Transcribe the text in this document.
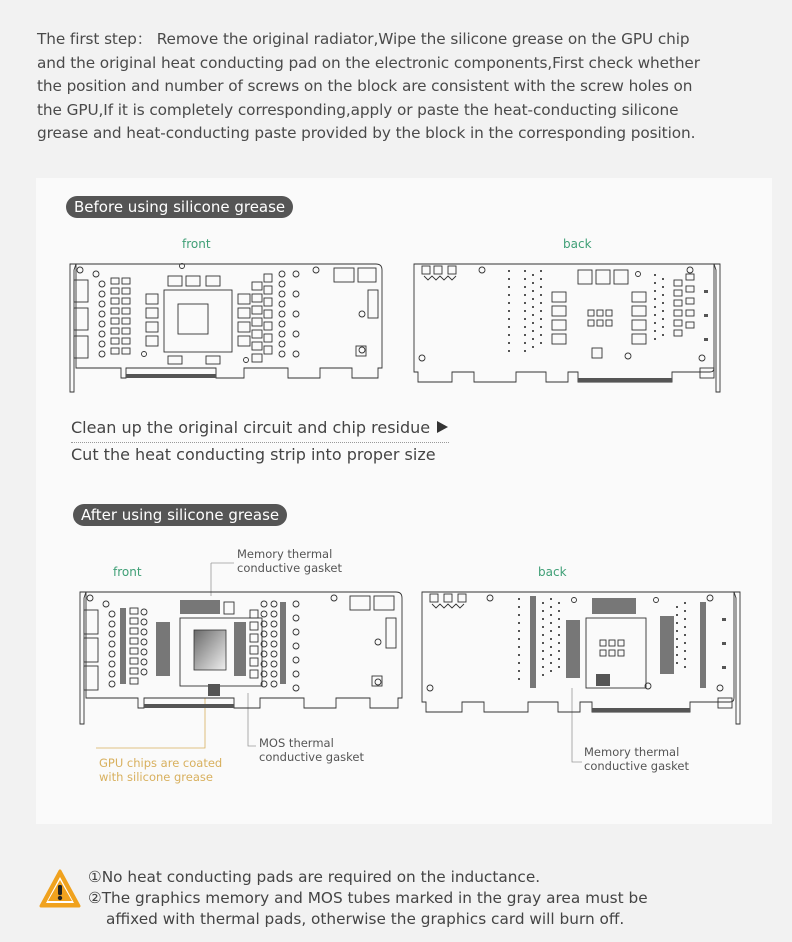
The first step： Remove the original radiator,Wipe the silicone grease on the GPU chip
and the original heat conducting pad on the electronic components,First check whether
the position and number of screws on the block are consistent with the screw holes on
the GPU,If it is completely corresponding,apply or paste the heat-conducting silicone
grease and heat-conducting paste provided by the block in the corresponding position.
Before using silicone grease
front	back
Clean up the original circuit and chip residue
Cut the heat conducting strip into proper size
After using silicone grease
front	back
Memory thermal
conductive gasket
MOS thermal
conductive gasket
GPU chips are coated
with silicone grease
Memory thermal
conductive gasket
①No heat conducting pads are required on the inductance.
②The graphics memory and MOS tubes marked in the gray area must be
affixed with thermal pads, otherwise the graphics card will burn off.
